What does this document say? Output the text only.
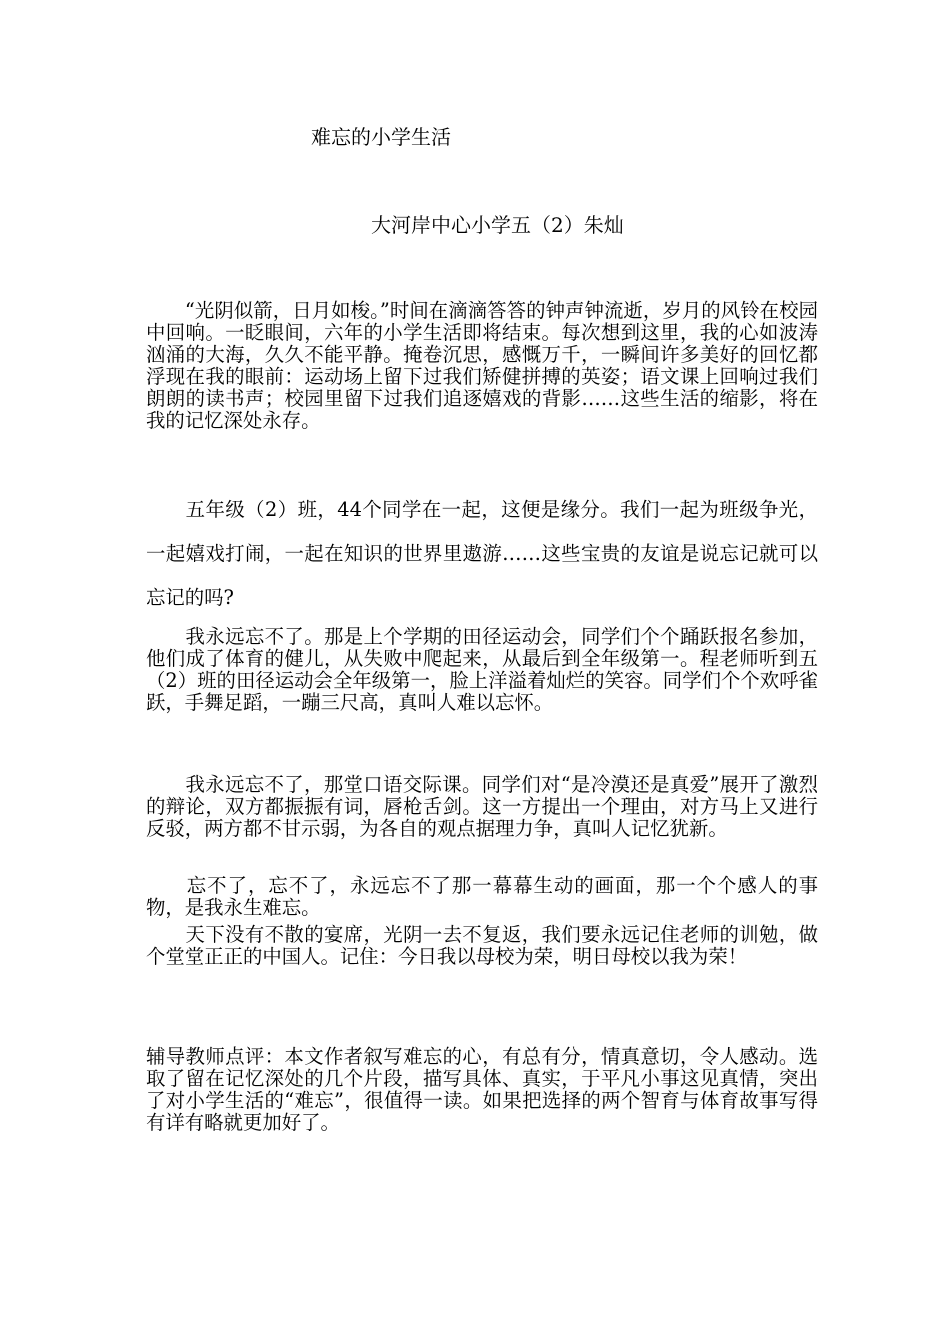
难忘的小学生活
大河岸中心小学五（2）朱灿

　　“光阴似箭，日月如梭。”时间在滴滴答答的钟声钟流逝，岁月的风铃在校园中回响。一眨眼间，六年的小学生活即将结束。每次想到这里，我的心如波涛汹涌的大海，久久不能平静。掩卷沉思，感慨万千，一瞬间许多美好的回忆都浮现在我的眼前：运动场上留下过我们矫健拼搏的英姿；语文课上回响过我们朗朗的读书声；校园里留下过我们追逐嬉戏的背影……这些生活的缩影，将在我的记忆深处永存。

　　五年级（2）班，44个同学在一起，这便是缘分。我们一起为班级争光，一起嬉戏打闹，一起在知识的世界里遨游……这些宝贵的友谊是说忘记就可以忘记的吗?

　　我永远忘不了。那是上个学期的田径运动会，同学们个个踊跃报名参加，他们成了体育的健儿，从失败中爬起来，从最后到全年级第一。程老师听到五（2）班的田径运动会全年级第一，脸上洋溢着灿烂的笑容。同学们个个欢呼雀跃，手舞足蹈，一蹦三尺高，真叫人难以忘怀。

　　我永远忘不了，那堂口语交际课。同学们对“是冷漠还是真爱”展开了激烈的辩论，双方都振振有词，唇枪舌剑。这一方提出一个理由，对方马上又进行反驳，两方都不甘示弱，为各自的观点据理力争，真叫人记忆犹新。

　　忘不了，忘不了，永远忘不了那一幕幕生动的画面，那一个个感人的事物，是我永生难忘。

　　天下没有不散的宴席，光阴一去不复返，我们要永远记住老师的训勉，做个堂堂正正的中国人。记住：今日我以母校为荣，明日母校以我为荣！

辅导教师点评：本文作者叙写难忘的心，有总有分，情真意切，令人感动。选取了留在记忆深处的几个片段，描写具体、真实，于平凡小事这见真情，突出了对小学生活的“难忘”，很值得一读。如果把选择的两个智育与体育故事写得有详有略就更加好了。
